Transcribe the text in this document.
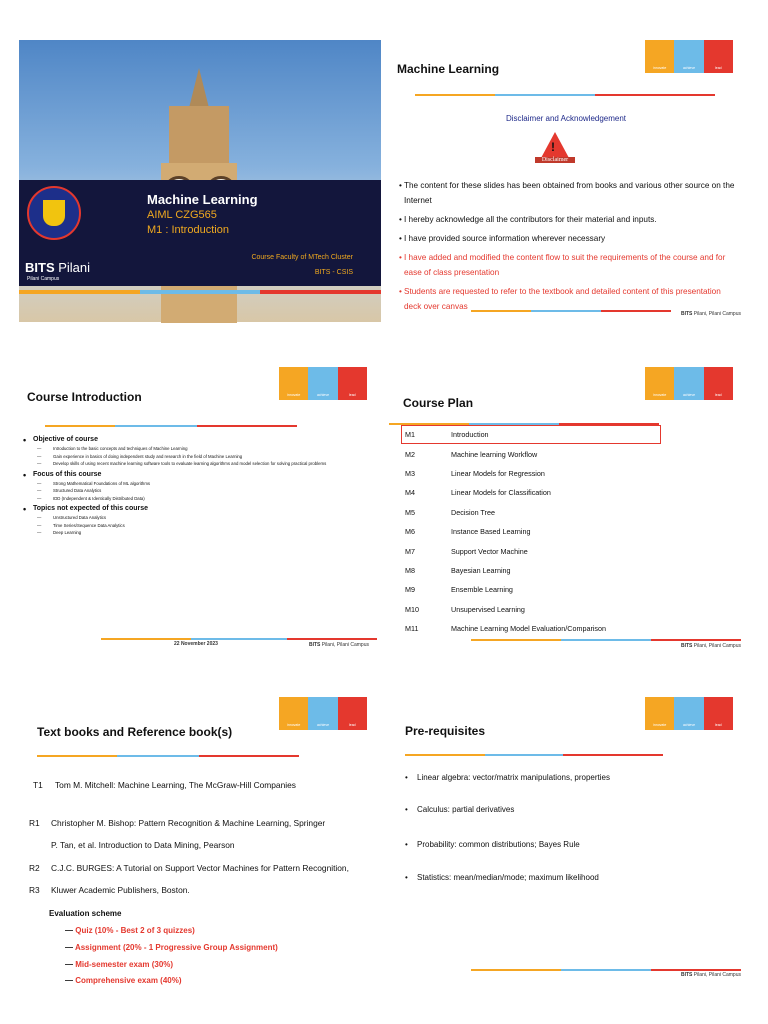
BITS Pilani
Pilani Campus
Machine Learning
AIML CZG565
M1 : Introduction
Course Faculty of MTech Cluster
BITS - CSIS
innovate	achieve	lead
Machine Learning
Disclaimer and Acknowledgement
!
Disclaimer
• The content for these slides has been obtained from books and various other source on the Internet
• I hereby acknowledge all the contributors for their material and inputs.
• I have provided source information wherever necessary
• I have added and modified the content flow to suit the requirements of the course and for ease of class presentation
• Students are requested to refer to the textbook and detailed content of this presentation deck over canvas
BITS Pilani, Pilani Campus
innovate	achieve	lead
Course Introduction
• Objective of course
— Introduction to the basic concepts and techniques of Machine Learning
— Gain experience in basics of doing independent study and research in the field of Machine Learning
— Develop skills of using recent machine learning software tools to evaluate learning algorithms and model selection for solving practical problems
• Focus of this course
— Strong Mathematical Foundations of ML algorithms
— Structured Data Analytics
— IDD (Independent & Identically Distributed Data)
• Topics not expected of this course
— Unstructured Data Analytics
— Time Series/Sequence Data Analytics
— Deep Learning
22 November 2023	BITS Pilani, Pilani Campus
innovate	achieve	lead
Course Plan
M1	Introduction
M2	Machine learning Workflow
M3	Linear Models for Regression
M4	Linear Models for Classification
M5	Decision Tree
M6	Instance Based Learning
M7	Support Vector Machine
M8	Bayesian Learning
M9	Ensemble Learning
M10	Unsupervised Learning
M11	Machine Learning Model Evaluation/Comparison
BITS Pilani, Pilani Campus
innovate	achieve	lead
Text books and Reference book(s)
T1 Tom M. Mitchell: Machine Learning, The McGraw-Hill Companies
R1 Christopher M. Bishop: Pattern Recognition & Machine Learning, Springer
P. Tan, et al. Introduction to Data Mining, Pearson
R2 C.J.C. BURGES: A Tutorial on Support Vector Machines for Pattern Recognition,
R3 Kluwer Academic Publishers, Boston.
Evaluation scheme
— Quiz (10% - Best 2 of 3 quizzes)
— Assignment (20% - 1 Progressive Group Assignment)
— Mid-semester exam (30%)
— Comprehensive exam (40%)
innovate	achieve	lead
Pre-requisites
• Linear algebra: vector/matrix manipulations, properties
• Calculus: partial derivatives
• Probability: common distributions; Bayes Rule
• Statistics: mean/median/mode; maximum likelihood
BITS Pilani, Pilani Campus
